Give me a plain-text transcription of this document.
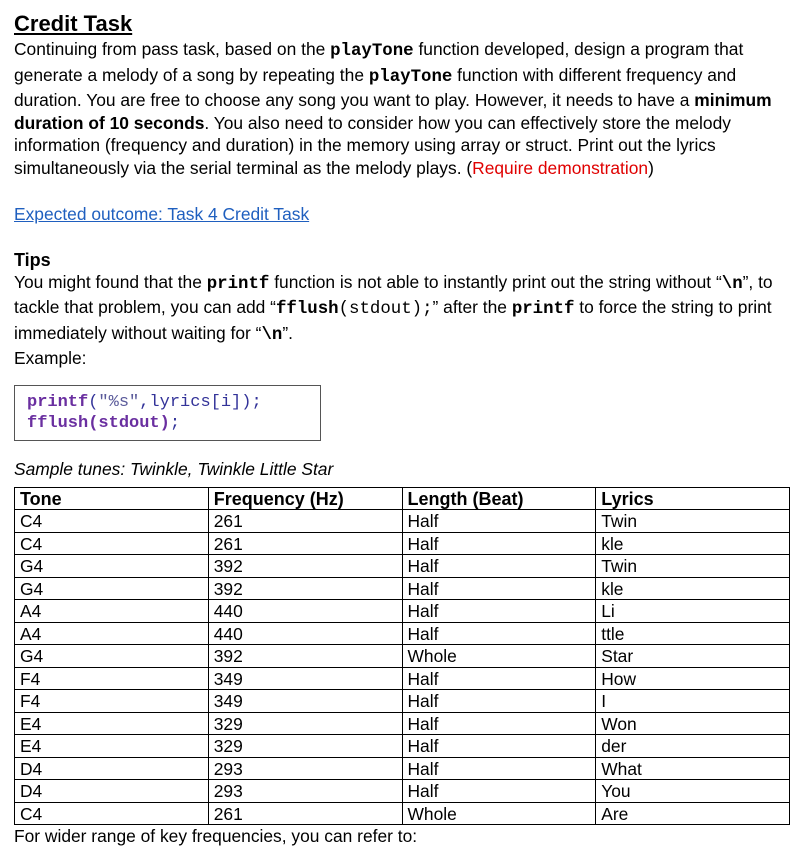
Credit Task

Continuing from pass task, based on the playTone function developed, design a program that generate a melody of a song by repeating the playTone function with different frequency and duration. You are free to choose any song you want to play. However, it needs to have a minimum duration of 10 seconds. You also need to consider how you can effectively store the melody information (frequency and duration) in the memory using array or struct. Print out the lyrics simultaneously via the serial terminal as the melody plays. (Require demonstration)

Expected outcome: Task 4 Credit Task
Tips

You might found that the printf function is not able to instantly print out the string without “\n”, to tackle that problem, you can add “fflush(stdout);” after the printf to force the string to print immediately without waiting for “\n”.

Example:

printf("%s",lyrics[i]);
fflush(stdout);
Sample tunes: Twinkle, Twinkle Little Star
Tone	Frequency (Hz)	Length (Beat)	Lyrics
C4	261	Half	Twin
C4	261	Half	kle
G4	392	Half	Twin
G4	392	Half	kle
A4	440	Half	Li
A4	440	Half	ttle
G4	392	Whole	Star
F4	349	Half	How
F4	349	Half	I
E4	329	Half	Won
E4	329	Half	der
D4	293	Half	What
D4	293	Half	You
C4	261	Whole	Are
For wider range of key frequencies, you can refer to:
